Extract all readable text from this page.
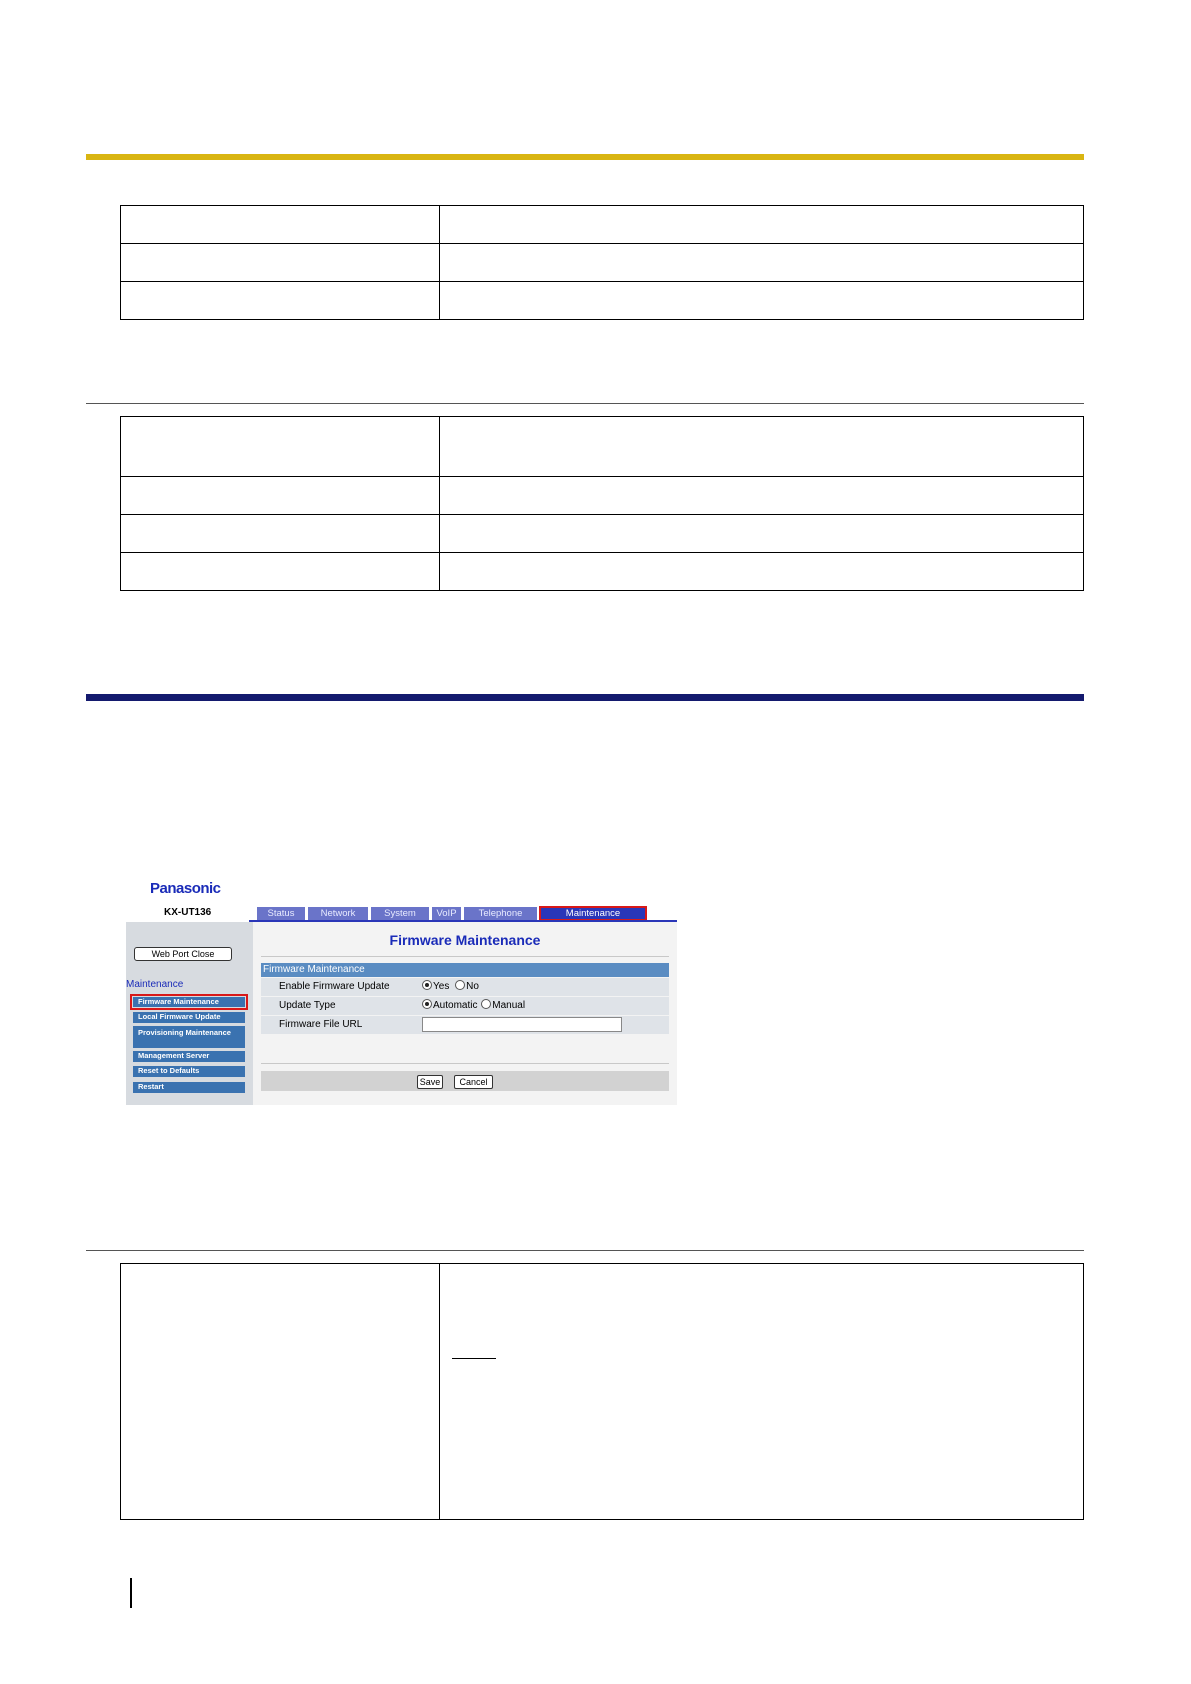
Panasonic
KX-UT136	Status	Network	System	VoIP	Telephone	Maintenance
Web Port Close
Maintenance
Firmware Maintenance
Local Firmware Update
Provisioning Maintenance
Management Server
Reset to Defaults
Restart
Firmware Maintenance
Firmware Maintenance
Enable Firmware Update	Yes No
Update Type	Automatic Manual
Firmware File URL
Save	Cancel
